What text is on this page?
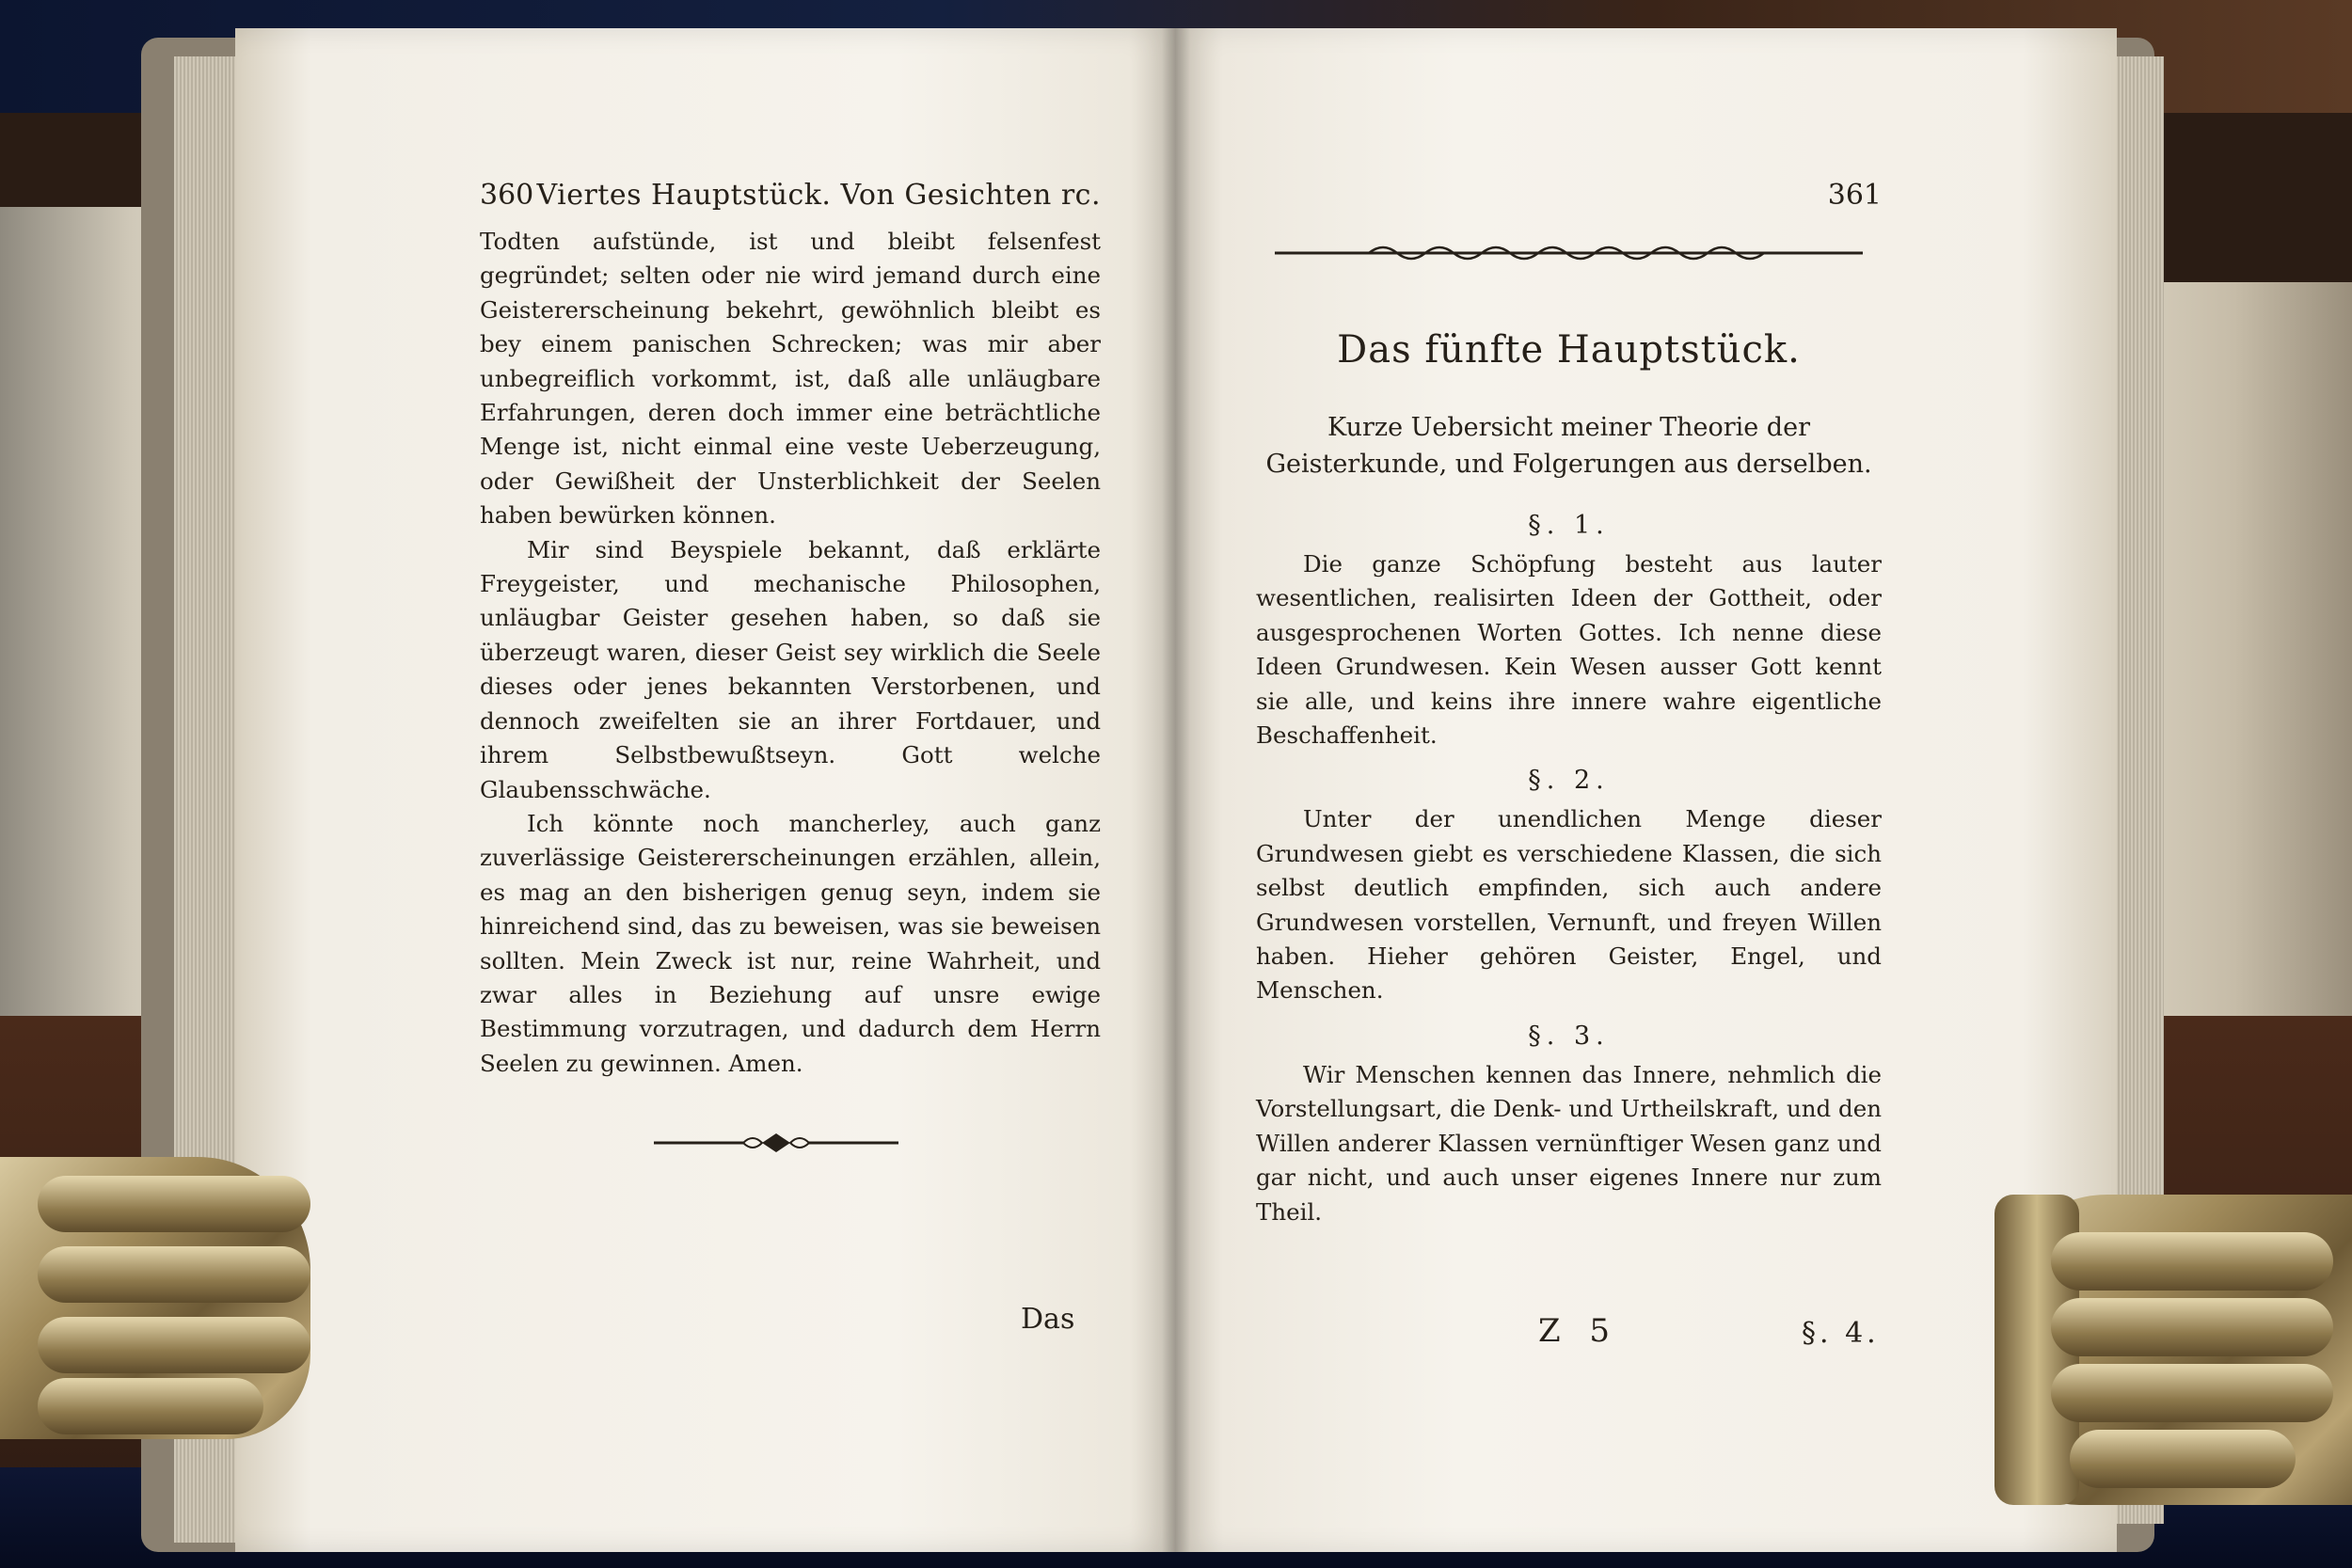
360 Viertes Hauptstück. Von Gesichten rc.

Todten aufstünde, ist und bleibt felsenfest gegründet; selten oder nie wird jemand durch eine Geistererscheinung bekehrt, gewöhnlich bleibt es bey einem panischen Schrecken; was mir aber unbegreiflich vorkommt, ist, daß alle unläugbare Erfahrungen, deren doch immer eine beträchtliche Menge ist, nicht einmal eine veste Ueberzeugung, oder Gewißheit der Unsterblichkeit der Seelen haben bewürken können.

Mir sind Beyspiele bekannt, daß erklärte Freygeister, und mechanische Philosophen, unläugbar Geister gesehen haben, so daß sie überzeugt waren, dieser Geist sey wirklich die Seele dieses oder jenes bekannten Verstorbenen, und dennoch zweifelten sie an ihrer Fortdauer, und ihrem Selbstbewußtseyn. Gott welche Glaubensschwäche.

Ich könnte noch mancherley, auch ganz zuverlässige Geistererscheinungen erzählen, allein, es mag an den bisherigen genug seyn, indem sie hinreichend sind, das zu beweisen, was sie beweisen sollten. Mein Zweck ist nur, reine Wahrheit, und zwar alles in Beziehung auf unsre ewige Bestimmung vorzutragen, und dadurch dem Herrn Seelen zu gewinnen. Amen.

Das
361
Das fünfte Hauptstück.
Kurze Uebersicht meiner Theorie der Geisterkunde, und Folgerungen aus derselben.
§. 1.

Die ganze Schöpfung besteht aus lauter wesentlichen, realisirten Ideen der Gottheit, oder ausgesprochenen Worten Gottes. Ich nenne diese Ideen Grundwesen. Kein Wesen ausser Gott kennt sie alle, und keins ihre innere wahre eigentliche Beschaffenheit.

§. 2.

Unter der unendlichen Menge dieser Grundwesen giebt es verschiedene Klassen, die sich selbst deutlich empfinden, sich auch andere Grundwesen vorstellen, Vernunft, und freyen Willen haben. Hieher gehören Geister, Engel, und Menschen.

§. 3.

Wir Menschen kennen das Innere, nehmlich die Vorstellungsart, die Denk- und Urtheilskraft, und den Willen anderer Klassen vernünftiger Wesen ganz und gar nicht, und auch unser eigenes Innere nur zum Theil.

Z 5	§. 4.
